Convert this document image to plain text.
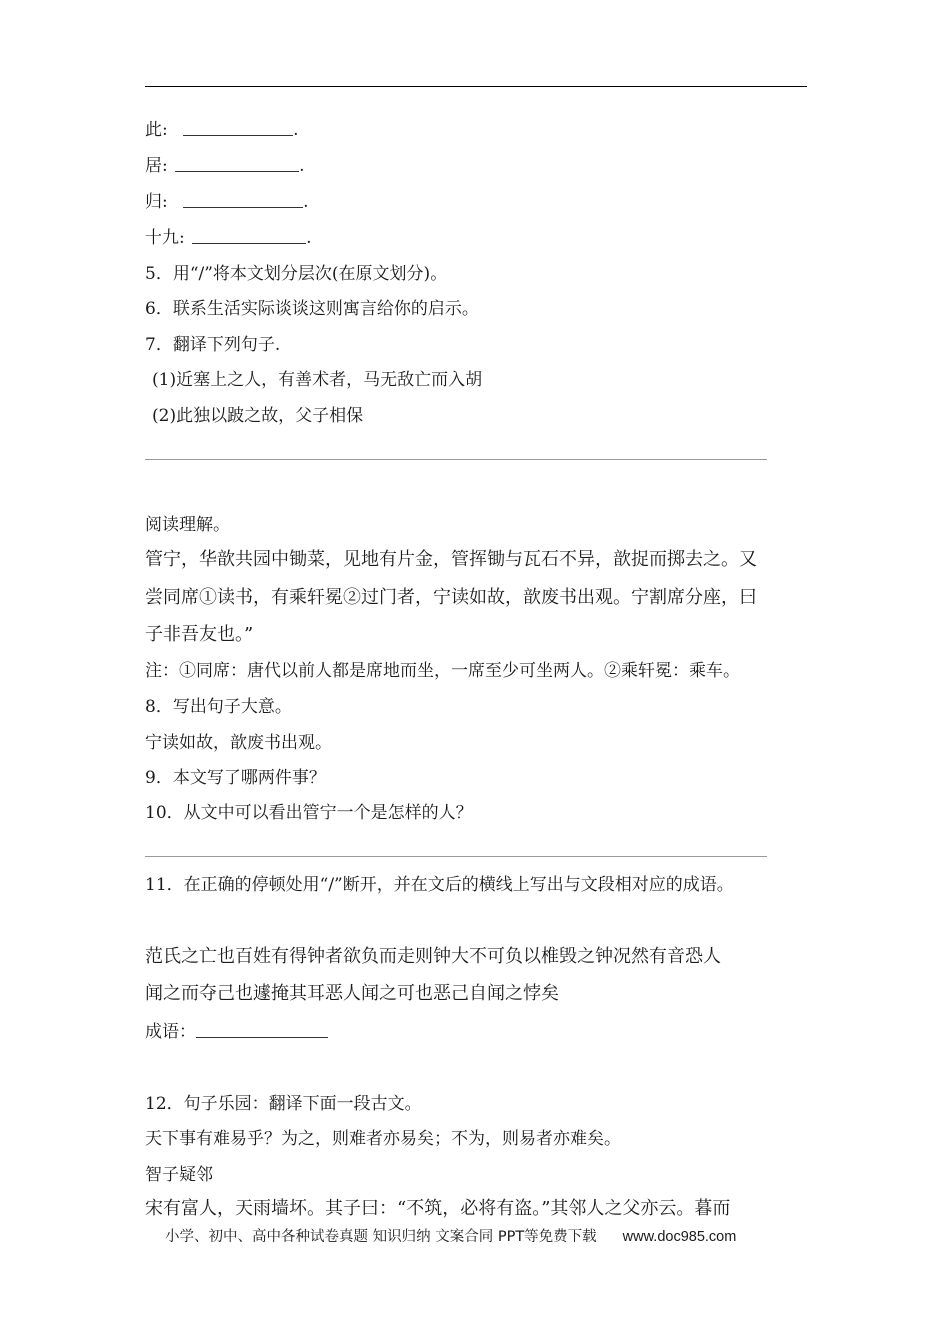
此:	.
居:	.
归:	.
十九:	.
5．用“/”将本文划分层次(在原文划分)。
6．联系生活实际谈谈这则寓言给你的启示。
7．翻译下列句子.
(1)近塞上之人，有善术者，马无敌亡而入胡
(2)此独以跛之故，父子相保
阅读理解。
管宁，华歆共园中锄菜，见地有片金，管挥锄与瓦石不异，歆捉而掷去之。又
尝同席①读书，有乘轩冕②过门者，宁读如故，歆废书出观。宁割席分座，曰
子非吾友也。”
注：①同席：唐代以前人都是席地而坐，一席至少可坐两人。②乘轩冕：乘车。
8．写出句子大意。
宁读如故，歆废书出观。
9．本文写了哪两件事？
10．从文中可以看出管宁一个是怎样的人？
11．在正确的停顿处用“/”断开，并在文后的横线上写出与文段相对应的成语。
范氏之亡也百姓有得钟者欲负而走则钟大不可负以椎毁之钟况然有音恐人
闻之而夺己也遽掩其耳恶人闻之可也恶己自闻之悖矣
成语：
12．句子乐园：翻译下面一段古文。
天下事有难易乎？为之，则难者亦易矣；不为，则易者亦难矣。
智子疑邻
宋有富人，天雨墙坏。其子曰：“不筑，必将有盗。”其邻人之父亦云。暮而
小学、初中、高中各种试卷真题 知识归纳 文案合同 PPT等免费下载 www.doc985.com
